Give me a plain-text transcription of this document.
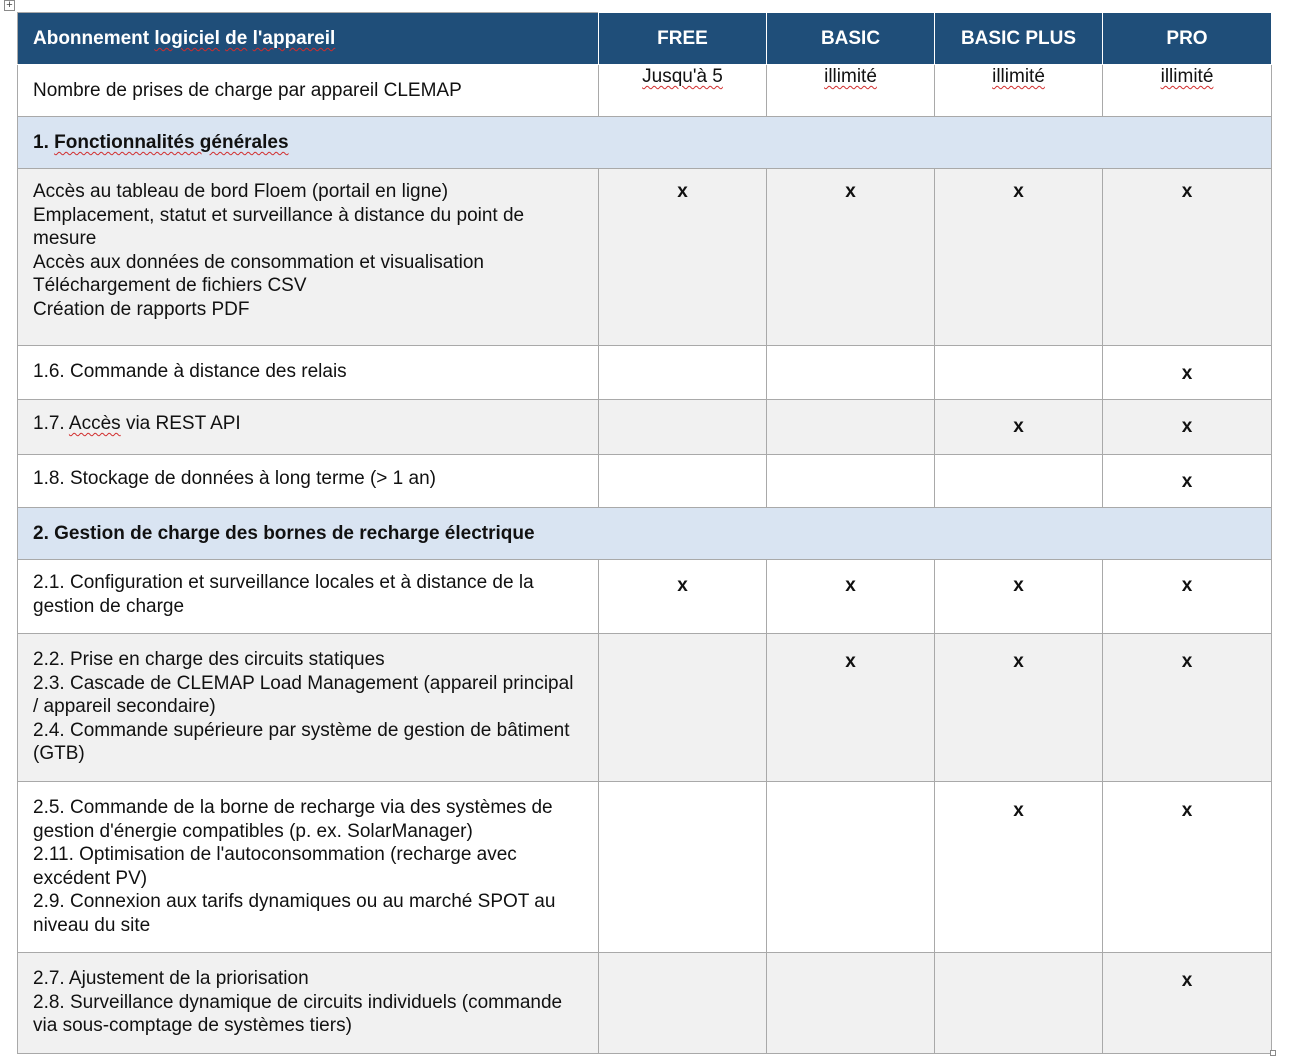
+
Abonnement logiciel de l'appareil	FREE	BASIC	BASIC PLUS	PRO
Nombre de prises de charge par appareil CLEMAP	Jusqu'à 5	illimité	illimité	illimité
1. Fonctionnalités générales				

Accès au tableau de bord Floem (portail en ligne)
Emplacement, statut et surveillance à distance du point de mesure
Accès aux données de consommation et visualisation
Téléchargement de fichiers CSV
Création de rapports PDF	x	x	x	x
1.6. Commande à distance des relais				x
1.7. Accès via REST API			x	x
1.8. Stockage de données à long terme (> 1 an)				x
2. Gestion de charge des bornes de recharge électrique				
2.1. Configuration et surveillance locales et à distance de la gestion de charge	x	x	x	x

2.2. Prise en charge des circuits statiques
2.3. Cascade de CLEMAP Load Management (appareil principal / appareil secondaire)
2.4. Commande supérieure par système de gestion de bâtiment (GTB)		x	x	x

2.5. Commande de la borne de recharge via des systèmes de gestion d'énergie compatibles (p. ex. SolarManager)
2.11. Optimisation de l'autoconsommation (recharge avec excédent PV)
2.9. Connexion aux tarifs dynamiques ou au marché SPOT au niveau du site			x	x

2.7. Ajustement de la priorisation
2.8. Surveillance dynamique de circuits individuels (commande via sous-comptage de systèmes tiers)				x
